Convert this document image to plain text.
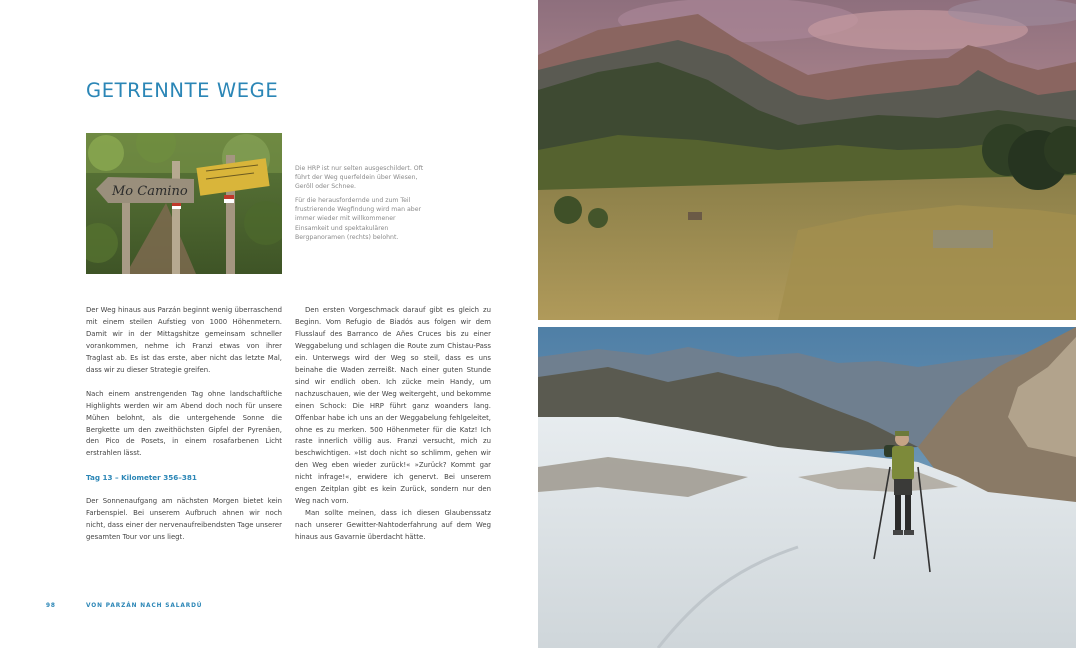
GETRENNTE WEGE
Mo Camino

Die HRP ist nur selten ausgeschildert. Oft führt der Weg querfeldein über Wiesen, Geröll oder Schnee.

Für die herausfordernde und zum Teil frustrierende Wegfindung wird man aber immer wieder mit willkommener Einsamkeit und spektakulären Bergpanoramen (rechts) belohnt.

Der Weg hinaus aus Parzán beginnt wenig überraschend mit einem steilen Aufstieg von 1000 Höhenmetern. Damit wir in der Mittagshitze gemeinsam schneller vorankommen, nehme ich Franzi etwas von ihrer Traglast ab. Es ist das erste, aber nicht das letzte Mal, dass wir zu dieser Strategie greifen.

Nach einem anstrengenden Tag ohne landschaftliche Highlights werden wir am Abend doch noch für unsere Mühen belohnt, als die untergehende Sonne die Bergkette um den zweithöchsten Gipfel der Pyrenäen, den Pico de Posets, in einem rosafarbenen Licht erstrahlen lässt.

Tag 13 – Kilometer 356–381

Der Sonnenaufgang am nächsten Morgen bietet kein Farbenspiel. Bei unserem Aufbruch ahnen wir noch nicht, dass einer der nervenaufreibendsten Tage unserer gesamten Tour vor uns liegt.

Den ersten Vorgeschmack darauf gibt es gleich zu Beginn. Vom Refugio de Biadós aus folgen wir dem Flusslauf des Barranco de Añes Cruces bis zu einer Weggabelung und schlagen die Route zum Chistau-Pass ein. Unterwegs wird der Weg so steil, dass es uns beinahe die Waden zerreißt. Nach einer guten Stunde sind wir endlich oben. Ich zücke mein Handy, um nachzuschauen, wie der Weg weitergeht, und bekomme einen Schock: Die HRP führt ganz woanders lang. Offenbar habe ich uns an der Weggabelung fehlgeleitet, ohne es zu merken. 500 Höhenmeter für die Katz! Ich raste innerlich völlig aus. Franzi versucht, mich zu beschwichtigen. »Ist doch nicht so schlimm, gehen wir den Weg eben wieder zurück!« »Zurück? Kommt gar nicht infrage!«, erwidere ich genervt. Bei unserem engen Zeitplan gibt es kein Zurück, sondern nur den Weg nach vorn.

Man sollte meinen, dass ich diesen Glaubenssatz nach unserer Gewitter-Nahtoderfahrung auf dem Weg hinaus aus Gavarnie überdacht hätte.

98	VON PARZÁN NACH SALARDÚ
